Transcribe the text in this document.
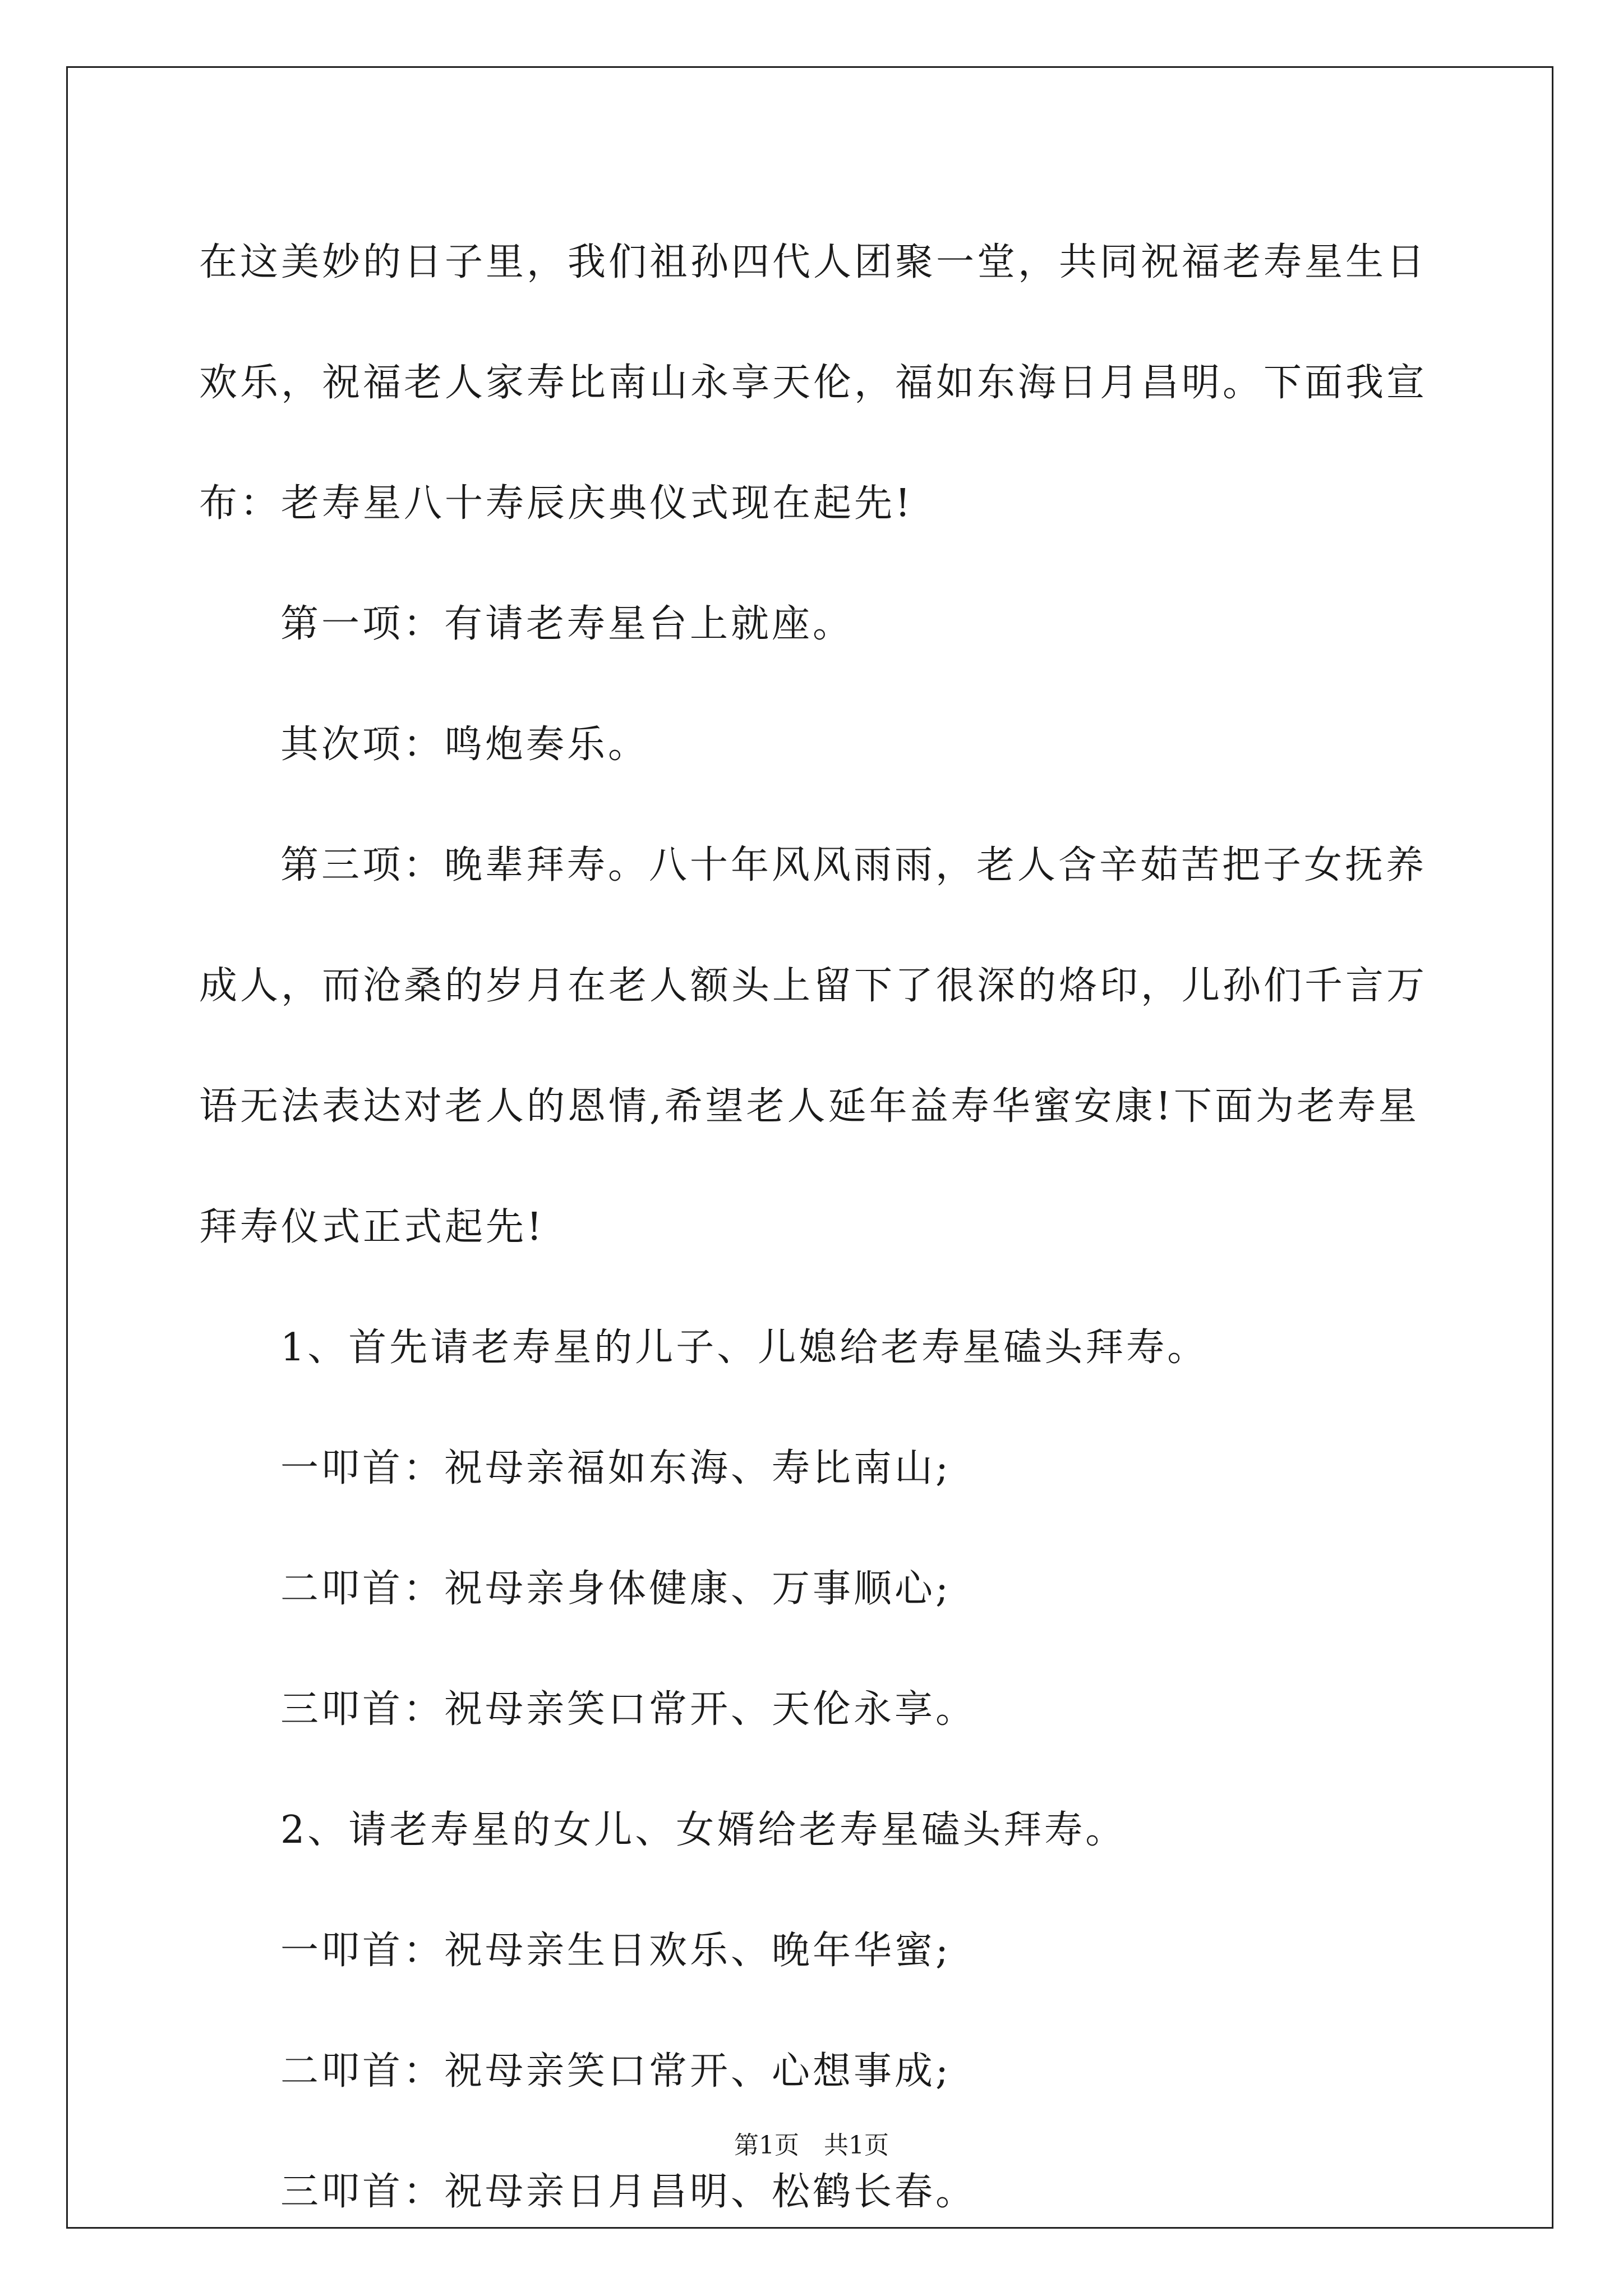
在这美妙的日子里，我们祖孙四代人团聚一堂，共同祝福老寿星生日
欢乐，祝福老人家寿比南山永享天伦，福如东海日月昌明。下面我宣
布：老寿星八十寿辰庆典仪式现在起先!
第一项：有请老寿星台上就座。
其次项：鸣炮奏乐。
第三项：晚辈拜寿。八十年风风雨雨，老人含辛茹苦把子女抚养
成人，而沧桑的岁月在老人额头上留下了很深的烙印，儿孙们千言万
语无法表达对老人的恩情,希望老人延年益寿华蜜安康!下面为老寿星
拜寿仪式正式起先!
1、首先请老寿星的儿子、儿媳给老寿星磕头拜寿。
一叩首：祝母亲福如东海、寿比南山;
二叩首：祝母亲身体健康、万事顺心;
三叩首：祝母亲笑口常开、天伦永享。
2、请老寿星的女儿、女婿给老寿星磕头拜寿。
一叩首：祝母亲生日欢乐、晚年华蜜;
二叩首：祝母亲笑口常开、心想事成;
三叩首：祝母亲日月昌明、松鹤长春。
第1页　共1页
